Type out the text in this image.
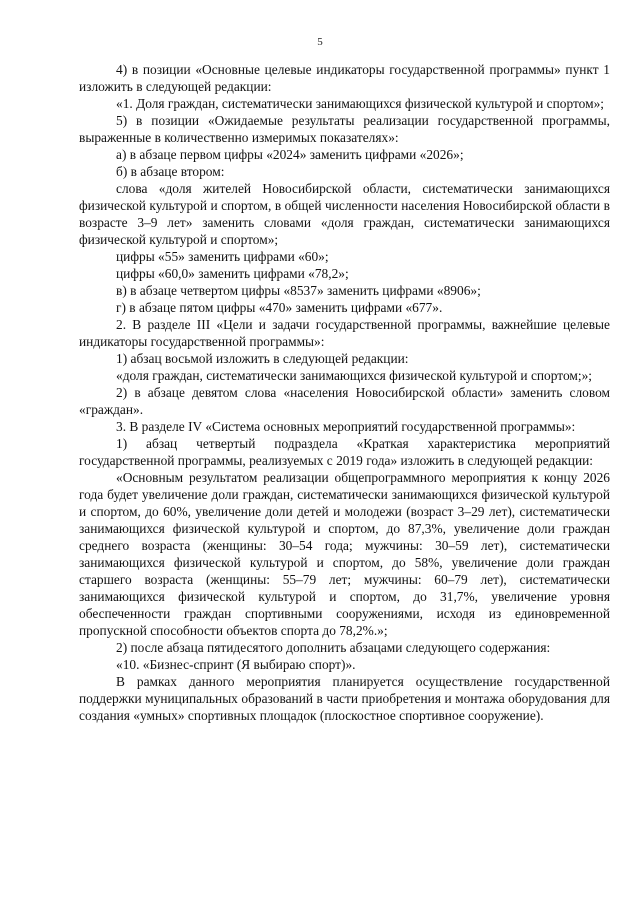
5

4) в позиции «Основные целевые индикаторы государственной программы» пункт 1 изложить в следующей редакции:

«1. Доля граждан, систематически занимающихся физической культурой и спортом»;

5) в позиции «Ожидаемые результаты реализации государственной программы, выраженные в количественно измеримых показателях»:

а) в абзаце первом цифры «2024» заменить цифрами «2026»;

б) в абзаце втором:

слова «доля жителей Новосибирской области, систематически занимающихся физической культурой и спортом, в общей численности населения Новосибирской области в возрасте 3–9 лет» заменить словами «доля граждан, систематически занимающихся физической культурой и спортом»;

цифры «55» заменить цифрами «60»;

цифры «60,0» заменить цифрами «78,2»;

в) в абзаце четвертом цифры «8537» заменить цифрами «8906»;

г) в абзаце пятом цифры «470» заменить цифрами «677».

2. В разделе III «Цели и задачи государственной программы, важнейшие целевые индикаторы государственной программы»:

1) абзац восьмой изложить в следующей редакции:

«доля граждан, систематически занимающихся физической культурой и спортом;»;

2) в абзаце девятом слова «населения Новосибирской области» заменить словом «граждан».

3. В разделе IV «Система основных мероприятий государственной программы»:

1) абзац четвертый подраздела «Краткая характеристика мероприятий государственной программы, реализуемых с 2019 года» изложить в следующей редакции:

«Основным результатом реализации общепрограммного мероприятия к концу 2026 года будет увеличение доли граждан, систематически занимающихся физической культурой и спортом, до 60%, увеличение доли детей и молодежи (возраст 3–29 лет), систематически занимающихся физической культурой и спортом, до 87,3%, увеличение доли граждан среднего возраста (женщины: 30–54 года; мужчины: 30–59 лет), систематически занимающихся физической культурой и спортом, до 58%, увеличение доли граждан старшего возраста (женщины: 55–79 лет; мужчины: 60–79 лет), систематически занимающихся физической культурой и спортом, до 31,7%, увеличение уровня обеспеченности граждан спортивными сооружениями, исходя из единовременной пропускной способности объектов спорта до 78,2%.»;

2) после абзаца пятидесятого дополнить абзацами следующего содержания:

«10. «Бизнес-спринт (Я выбираю спорт)».

В рамках данного мероприятия планируется осуществление государственной поддержки муниципальных образований в части приобретения и монтажа оборудования для создания «умных» спортивных площадок (плоскостное спортивное сооружение).
